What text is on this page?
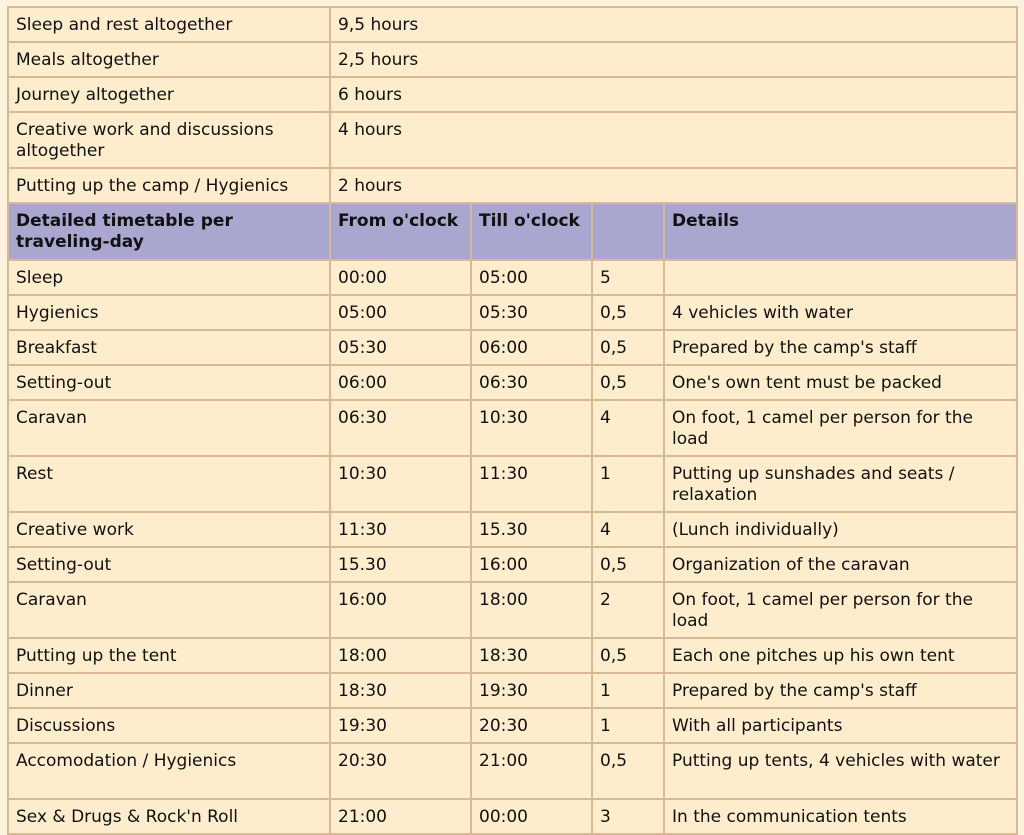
Sleep and rest altogether	9,5 hours			
Meals altogether	2,5 hours			
Journey altogether	6 hours			
Creative work and discussions altogether	4 hours			
Putting up the camp / Hygienics	2 hours			
Detailed timetable per traveling-day	From o'clock	Till o'clock		Details
Sleep	00:00	05:00	5	
Hygienics	05:00	05:30	0,5	4 vehicles with water
Breakfast	05:30	06:00	0,5	Prepared by the camp's staff
Setting-out	06:00	06:30	0,5	One's own tent must be packed
Caravan	06:30	10:30	4	On foot, 1 camel per person for the load
Rest	10:30	11:30	1	Putting up sunshades and seats / relaxation
Creative work	11:30	15.30	4	(Lunch individually)
Setting-out	15.30	16:00	0,5	Organization of the caravan
Caravan	16:00	18:00	2	On foot, 1 camel per person for the load
Putting up the tent	18:00	18:30	0,5	Each one pitches up his own tent
Dinner	18:30	19:30	1	Prepared by the camp's staff
Discussions	19:30	20:30	1	With all participants
Accomodation / Hygienics	20:30	21:00	0,5	Putting up tents, 4 vehicles with water
Sex & Drugs & Rock'n Roll	21:00	00:00	3	In the communication tents
